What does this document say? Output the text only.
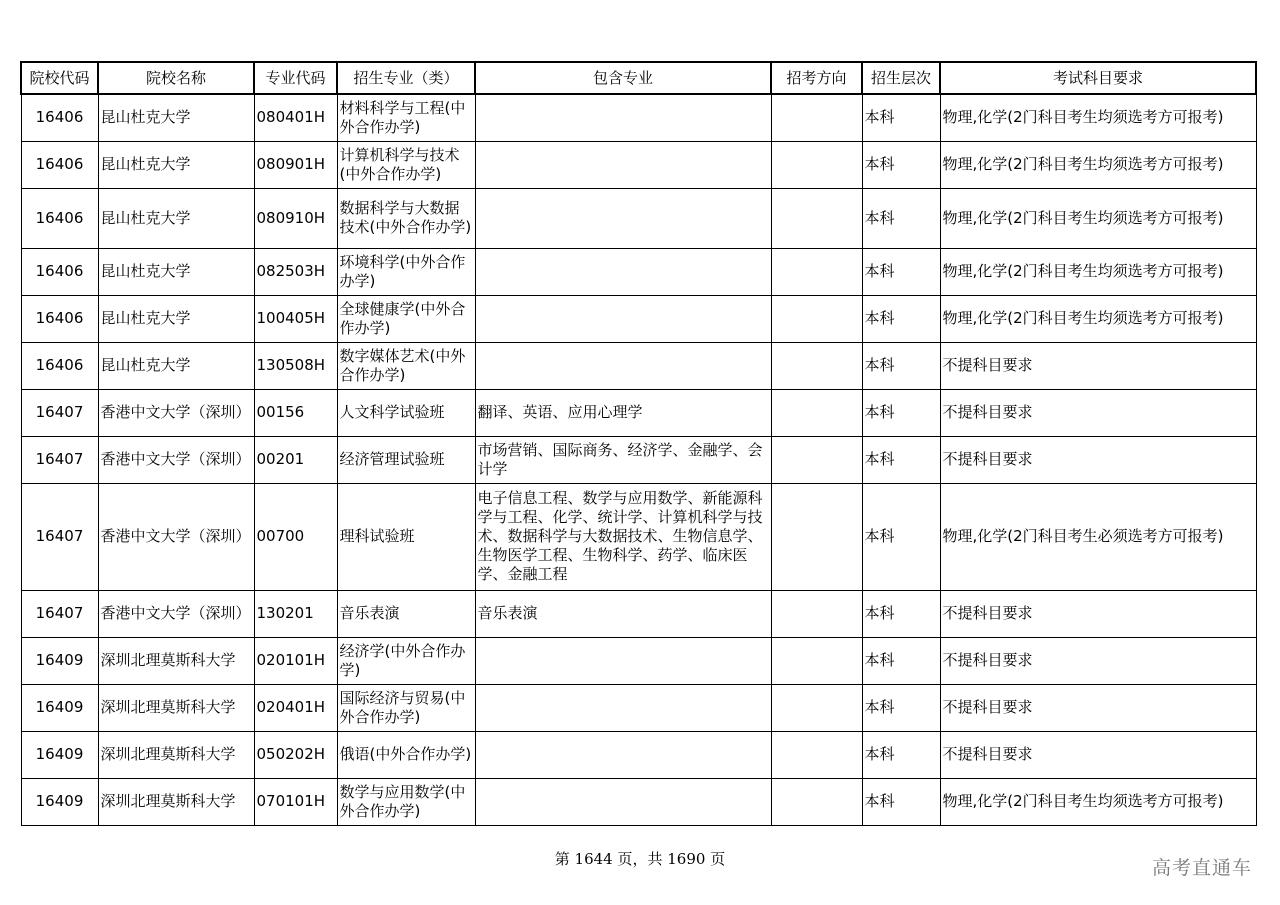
院校代码	院校名称	专业代码	招生专业（类）	包含专业	招考方向	招生层次	考试科目要求
16406	昆山杜克大学	080401H	材料科学与工程(中外合作办学)			本科	物理,化学(2门科目考生均须选考方可报考)
16406	昆山杜克大学	080901H	计算机科学与技术(中外合作办学)			本科	物理,化学(2门科目考生均须选考方可报考)
16406	昆山杜克大学	080910H	数据科学与大数据技术(中外合作办学)			本科	物理,化学(2门科目考生均须选考方可报考)
16406	昆山杜克大学	082503H	环境科学(中外合作办学)			本科	物理,化学(2门科目考生均须选考方可报考)
16406	昆山杜克大学	100405H	全球健康学(中外合作办学)			本科	物理,化学(2门科目考生均须选考方可报考)
16406	昆山杜克大学	130508H	数字媒体艺术(中外合作办学)			本科	不提科目要求
16407	香港中文大学（深圳）	00156	人文科学试验班	翻译、英语、应用心理学		本科	不提科目要求
16407	香港中文大学（深圳）	00201	经济管理试验班	市场营销、国际商务、经济学、金融学、会计学		本科	不提科目要求
16407	香港中文大学（深圳）	00700	理科试验班	电子信息工程、数学与应用数学、新能源科学与工程、化学、统计学、计算机科学与技术、数据科学与大数据技术、生物信息学、生物医学工程、生物科学、药学、临床医学、金融工程		本科	物理,化学(2门科目考生必须选考方可报考)
16407	香港中文大学（深圳）	130201	音乐表演	音乐表演		本科	不提科目要求
16409	深圳北理莫斯科大学	020101H	经济学(中外合作办学)			本科	不提科目要求
16409	深圳北理莫斯科大学	020401H	国际经济与贸易(中外合作办学)			本科	不提科目要求
16409	深圳北理莫斯科大学	050202H	俄语(中外合作办学)			本科	不提科目要求
16409	深圳北理莫斯科大学	070101H	数学与应用数学(中外合作办学)			本科	物理,化学(2门科目考生均须选考方可报考)
第 1644 页，共 1690 页	高考直通车
